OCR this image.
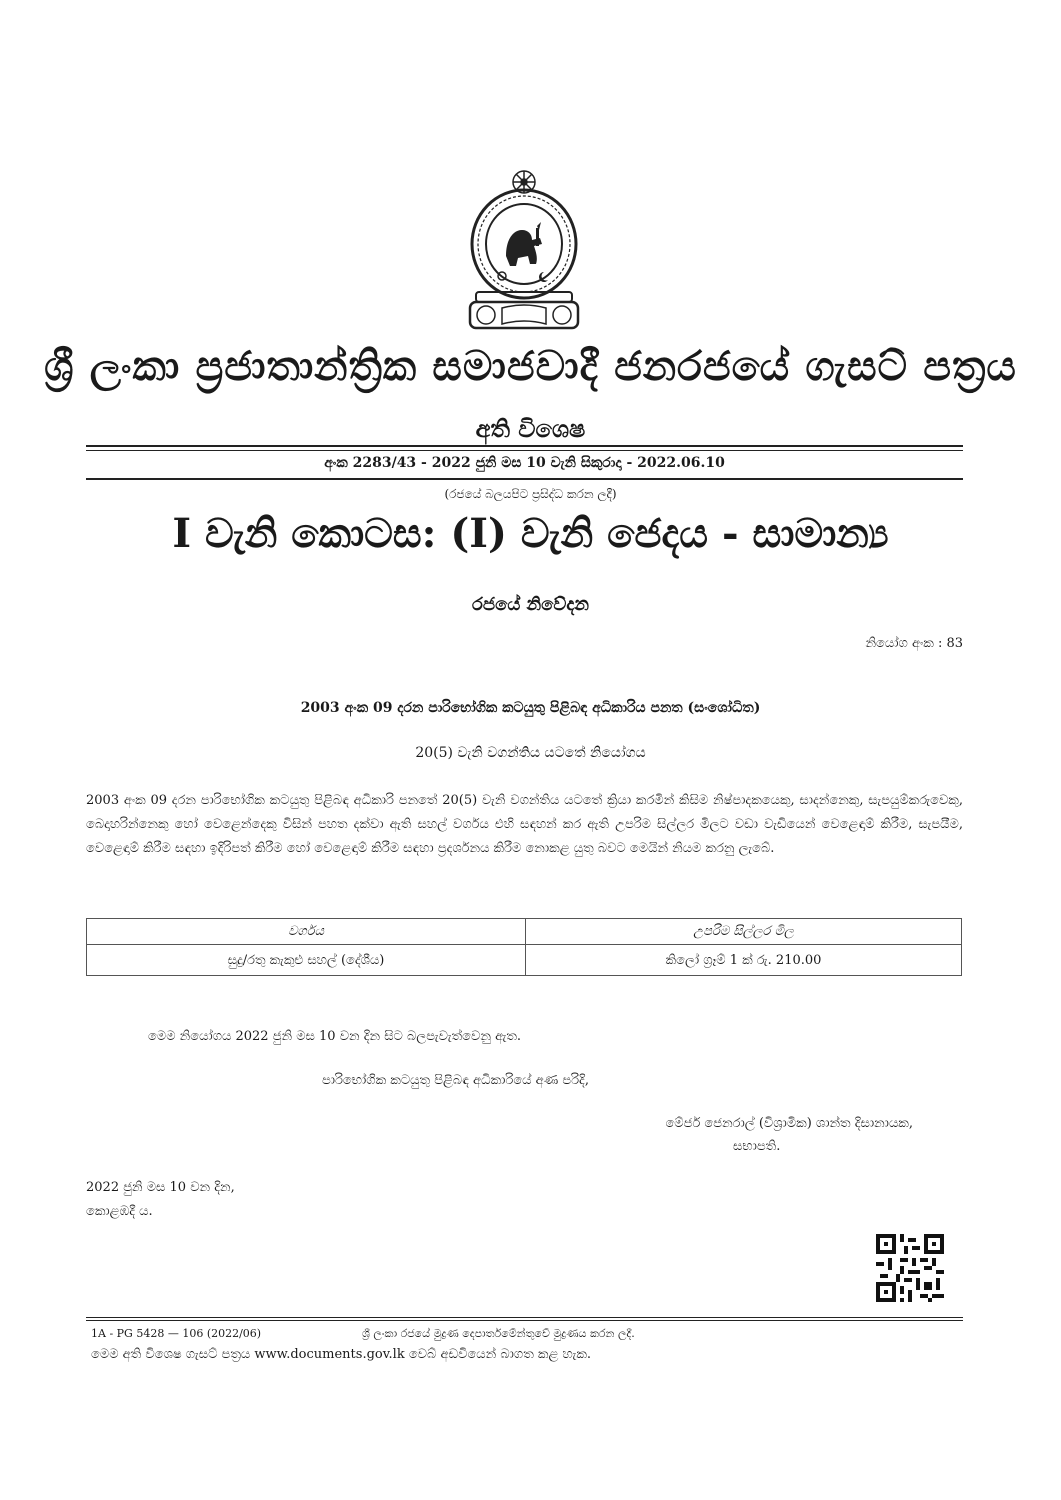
ශ්‍රී ලංකා ප්‍රජාතාන්ත්‍රික සමාජවාදී ජනරජයේ ගැසට් පත්‍රය
අති විශෙෂ
අංක 2283/43 - 2022 ජුනි මස 10 වැනි සිකුරාදා - 2022.06.10
(රජයේ බලයපිට ප්‍රසිද්ධ කරන ලදී)
I වැනි කොටස: (I) වැනි ජෙදය - සාමාන්‍ය
රජයේ නිවේදන
නියෝග අංක : 83
2003 අංක 09 දරන පාරිභෝගික කටයුතු පිළිබඳ අධිකාරිය පනත (සංශෝධිත)
20(5) වැනි වගන්තිය යටතේ නියෝගය
2003 අංක 09 දරන පාරිභෝගික කටයුතු පිළිබඳ අධිකාරි පනතේ 20(5) වැනි වගන්තිය යටතේ ක්‍රියා කරමින් කිසිම නිෂ්පාදකයෙකු, සාදන්නෙකු, සැපයුම්කරුවෙකු, බෙදාහරින්නෙකු හෝ වෙළෙන්දෙකු විසින් පහත දක්වා ඇති සහල් වර්ගය එහි සඳහන් කර ඇති උපරිම සිල්ලර මිලට වඩා වැඩියෙන් වෙළෙඳාම් කිරීම, සැපයීම, වෙළෙඳාම් කිරීම සඳහා ඉදිරිපත් කිරීම හෝ වෙළෙඳාම් කිරීම සඳහා ප්‍රදර්ශනය කිරීම නොකළ යුතු බවට මෙයින් නියම කරනු ලැබේ.
වර්ගය	උපරිම සිල්ලර මිල
සුදු/රතු කැකුළු සහල් (දේශීය)	කිලෝ ග්‍රෑම් 1 ක් රු. 210.00
මෙම නියෝගය 2022 ජුනි මස 10 වන දින සිට බලපැවැත්වෙනු ඇත.
පාරිභෝගික කටයුතු පිළිබඳ අධිකාරියේ අණ පරිදි,
මේජර් ජෙනරාල් (විශ්‍රාමික) ශාන්ත දිසානායක,
සභාපති.
2022 ජුනි මස 10 වන දින,
කොළඹදී ය.
1A - PG 5428 — 106 (2022/06)	ශ්‍රී ලංකා රජයේ මුද්‍රණ දෙපාර්තමේන්තුවේ මුද්‍රණය කරන ලදී.
මෙම අති විශෙෂ ගැසට් පත්‍රය www.documents.gov.lk වෙබ් අඩවියෙන් බාගත කළ හැක.
